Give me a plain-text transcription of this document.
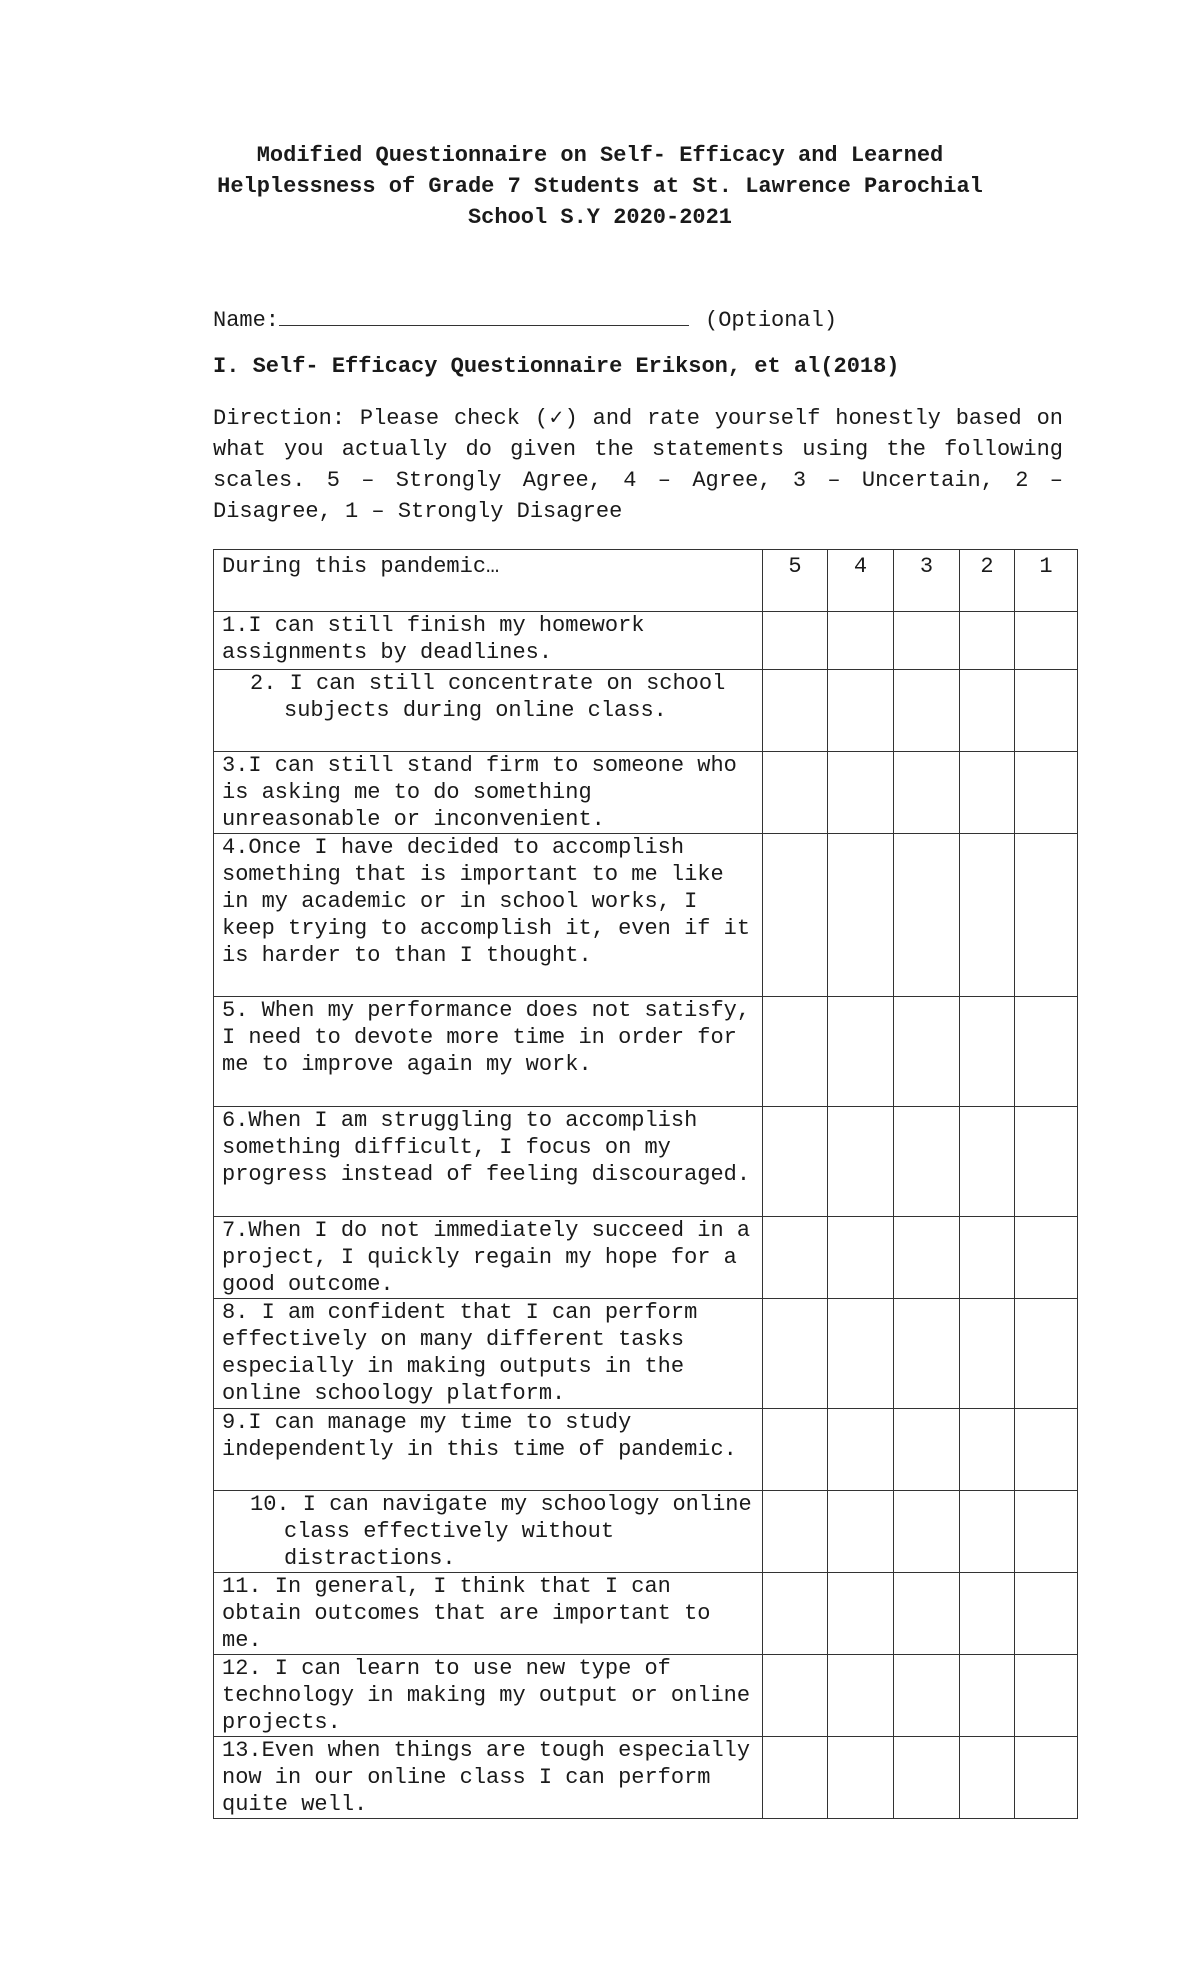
Modified Questionnaire on Self- Efficacy and Learned Helplessness of Grade 7 Students at St. Lawrence Parochial School S.Y 2020-2021
Name:	(Optional)
I. Self- Efficacy Questionnaire Erikson, et al(2018)
Direction: Please check (✓) and rate yourself honestly based on what you actually do given the statements using the following scales. 5 – Strongly Agree, 4 – Agree, 3 – Uncertain, 2 – Disagree, 1 – Strongly Disagree
During this pandemic…	5	4	3	2	1
1.I can still finish my homework assignments by deadlines.					
2. I can still concentrate on school subjects during online class.					
3.I can still stand firm to someone who is asking me to do something unreasonable or inconvenient.					
4.Once I have decided to accomplish something that is important to me like in my academic or in school works, I keep trying to accomplish it, even if it is harder to than I thought.					
5. When my performance does not satisfy, I need to devote more time in order for me to improve again my work.					
6.When I am struggling to accomplish something difficult, I focus on my progress instead of feeling discouraged.					
7.When I do not immediately succeed in a project, I quickly regain my hope for a good outcome.					
8. I am confident that I can perform effectively on many different tasks especially in making outputs in the online schoology platform.					
9.I can manage my time to study independently in this time of pandemic.					
10. I can navigate my schoology online class effectively without distractions.					
11. In general, I think that I can obtain outcomes that are important to me.					
12. I can learn to use new type of technology in making my output or online projects.					
13.Even when things are tough especially now in our online class I can perform quite well.					
